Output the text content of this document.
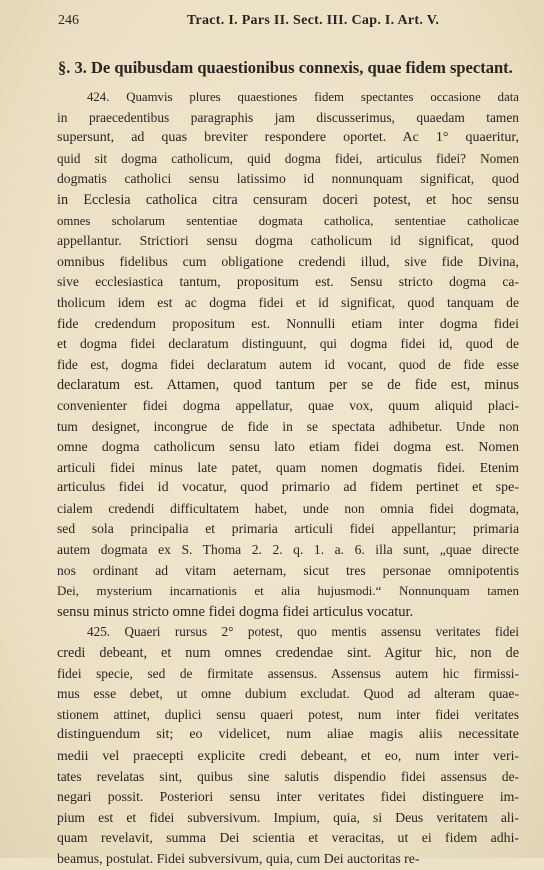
246	Tract. I. Pars II. Sect. III. Cap. I. Art. V.
§. 3. De quibusdam quaestionibus connexis, quae fidem spectant.
424. Quamvis plures quaestiones fidem spectantes occasione data
in praecedentibus paragraphis jam discusserimus, quaedam tamen
supersunt, ad quas breviter respondere oportet. Ac 1° quaeritur,
quid sit dogma catholicum, quid dogma fidei, articulus fidei? Nomen
dogmatis catholici sensu latissimo id nonnunquam significat, quod
in Ecclesia catholica citra censuram doceri potest, et hoc sensu
omnes scholarum sententiae dogmata catholica, sententiae catholicae
appellantur. Strictiori sensu dogma catholicum id significat, quod
omnibus fidelibus cum obligatione credendi illud, sive fide Divina,
sive ecclesiastica tantum, propositum est. Sensu stricto dogma ca-
tholicum idem est ac dogma fidei et id significat, quod tanquam de
fide credendum propositum est. Nonnulli etiam inter dogma fidei
et dogma fidei declaratum distinguunt, qui dogma fidei id, quod de
fide est, dogma fidei declaratum autem id vocant, quod de fide esse
declaratum est. Attamen, quod tantum per se de fide est, minus
convenienter fidei dogma appellatur, quae vox, quum aliquid placi-
tum designet, incongrue de fide in se spectata adhibetur. Unde non
omne dogma catholicum sensu lato etiam fidei dogma est. Nomen
articuli fidei minus late patet, quam nomen dogmatis fidei. Etenim
articulus fidei id vocatur, quod primario ad fidem pertinet et spe-
cialem credendi difficultatem habet, unde non omnia fidei dogmata,
sed sola principalia et primaria articuli fidei appellantur; primaria
autem dogmata ex S. Thoma 2. 2. q. 1. a. 6. illa sunt, „quae directe
nos ordinant ad vitam aeternam, sicut tres personae omnipotentis
Dei, mysterium incarnationis et alia hujusmodi.“ Nonnunquam tamen
sensu minus stricto omne fidei dogma fidei articulus vocatur.
425. Quaeri rursus 2° potest, quo mentis assensu veritates fidei
credi debeant, et num omnes credendae sint. Agitur hic, non de
fidei specie, sed de firmitate assensus. Assensus autem hic firmissi-
mus esse debet, ut omne dubium excludat. Quod ad alteram quae-
stionem attinet, duplici sensu quaeri potest, num inter fidei veritates
distinguendum sit; eo videlicet, num aliae magis aliis necessitate
medii vel praecepti explicite credi debeant, et eo, num inter veri-
tates revelatas sint, quibus sine salutis dispendio fidei assensus de-
negari possit. Posteriori sensu inter veritates fidei distinguere im-
pium est et fidei subversivum. Impium, quia, si Deus veritatem ali-
quam revelavit, summa Dei scientia et veracitas, ut ei fidem adhi-
beamus, postulat. Fidei subversivum, quia, cum Dei auctoritas re-
